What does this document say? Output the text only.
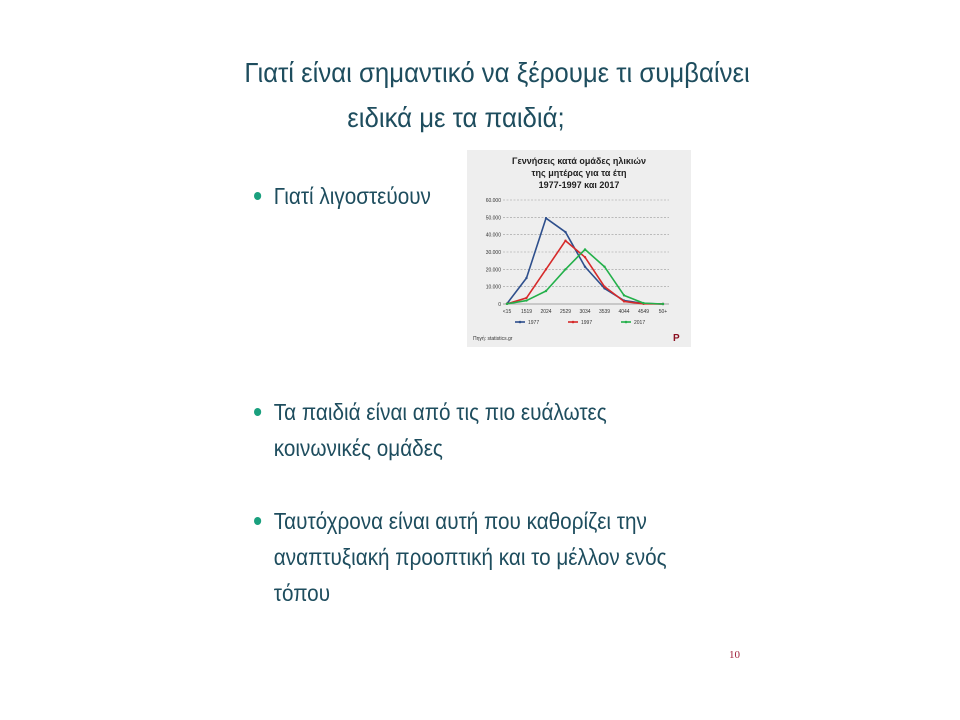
Γιατί είναι σημαντικό να ξέρουμε τι συμβαίνει
ειδικά με τα παιδιά;
Γιατί λιγοστεύουν
Τα παιδιά είναι από τις πιο ευάλωτες κοινωνικές ομάδες
Ταυτόχρονα είναι αυτή που καθορίζει την αναπτυξιακή προοπτική και το μέλλον ενός τόπου
Γεννήσεις κατά ομάδες ηλικιών
της μητέρας για τα έτη
1977-1997 και 2017
0
10.000
20.000
30.000
40.000
50.000
60.000
<15 1519 2024 2529 3034 3539 4044 4549 50+
1977	1997	2017
Πηγή: statistics.gr	P
10
